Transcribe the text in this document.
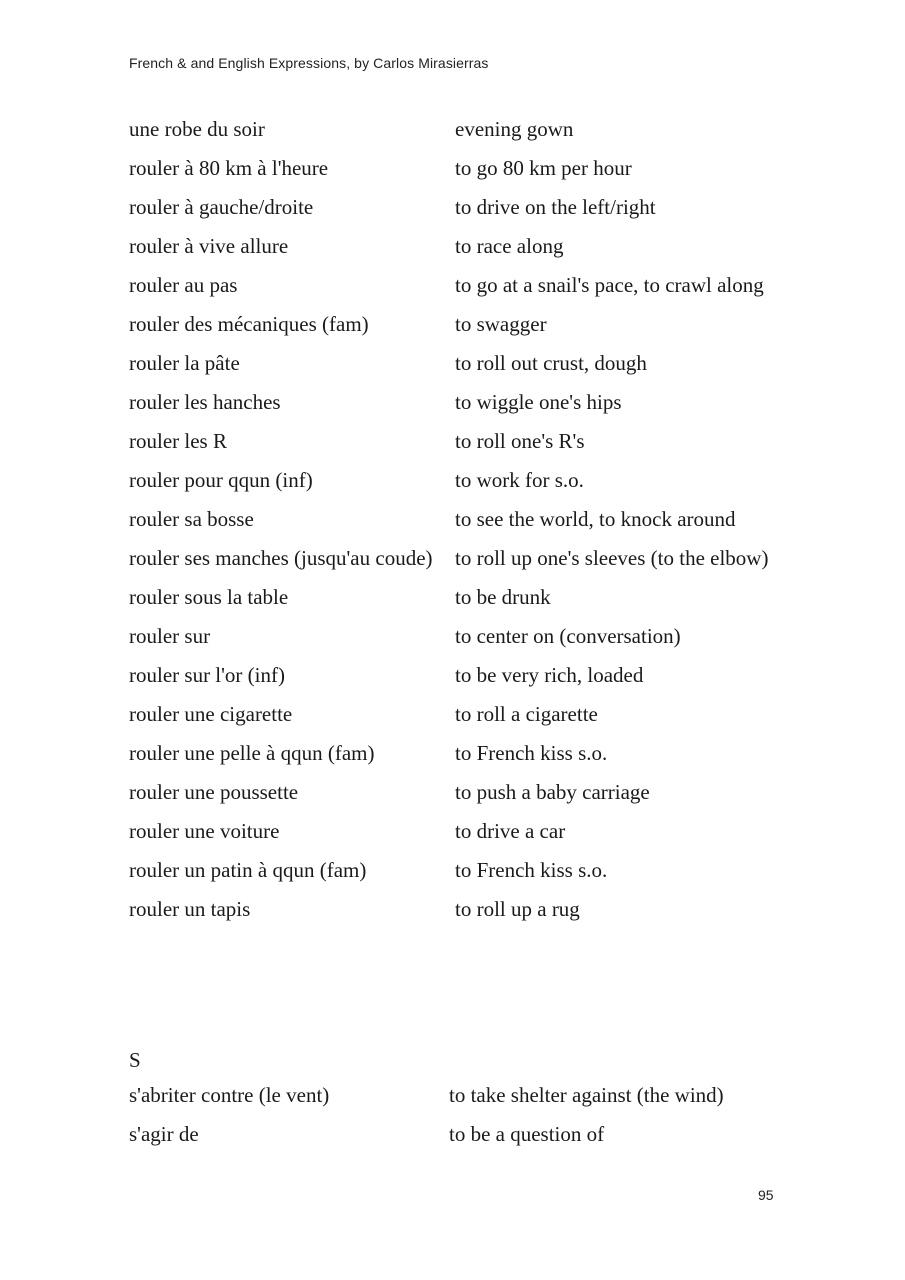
French & and English Expressions, by Carlos Mirasierras
une robe du soir	evening gown
rouler à 80 km à l'heure	to go 80 km per hour
rouler à gauche/droite	to drive on the left/right
rouler à vive allure	to race along
rouler au pas	to go at a snail's pace, to crawl along
rouler des mécaniques (fam)	to swagger
rouler la pâte	to roll out crust, dough
rouler les hanches	to wiggle one's hips
rouler les R	to roll one's R's
rouler pour qqun (inf)	to work for s.o.
rouler sa bosse	to see the world, to knock around
rouler ses manches (jusqu'au coude)	to roll up one's sleeves (to the elbow)
rouler sous la table	to be drunk
rouler sur	to center on (conversation)
rouler sur l'or (inf)	to be very rich, loaded
rouler une cigarette	to roll a cigarette
rouler une pelle à qqun (fam)	to French kiss s.o.
rouler une poussette	to push a baby carriage
rouler une voiture	to drive a car
rouler un patin à qqun (fam)	to French kiss s.o.
rouler un tapis	to roll up a rug
S
s'abriter contre (le vent)	to take shelter against (the wind)
s'agir de	to be a question of
95
